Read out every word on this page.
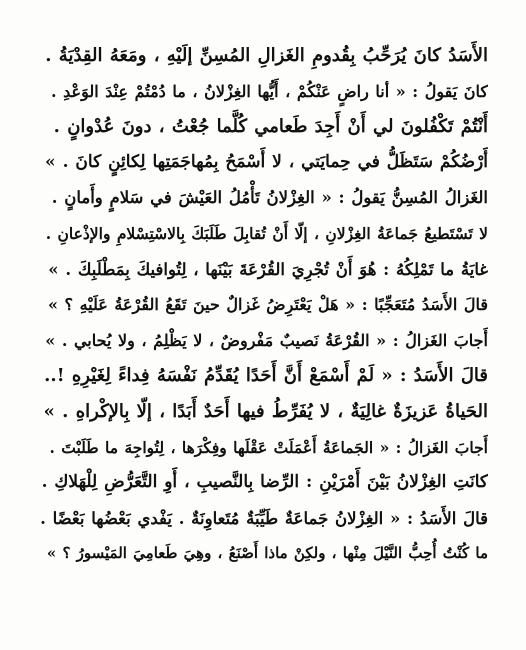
الأَسَدُ كانَ يُرَحِّبُ بِقُدومِ الغَزالِ المُسِنِّ إلَيْهِ ، ومَعَهُ القِدْيَةُ .
كانَ يَقولُ : « أنا راضٍ عَنْكُمْ ، أَيُّها الغِزْلانُ ، ما دُمْتُمْ عِنْدَ الوَعْدِ .
أَنْتُمْ تَكْفُلونَ لي أَنْ أَجِدَ طَعامي كُلَّما جُعْتُ ، دونَ عُدْوانٍ .
أَرْضُكُمْ سَتَظَلُّ في حِمايَتي ، لا أَسْمَحُ بِمُهاجَمَتِها لِكائِنٍ كانَ . »
الغَزالُ المُسِنُّ يَقولُ : « الغِزْلانُ تَأْمُلُ العَيْشَ في سَلامٍ وأَمانٍ .
لا تَسْتَطيعُ جَماعَةُ الغِزْلانِ ، إلّا أَنْ تُقابِلَ طَلَبَكَ بِالاسْتِسْلامِ والإذْعانِ .
غايَةُ ما تَمْلِكُهُ : هُوَ أَنْ تُجْرِيَ القُرْعَةَ بَيْنَها ، لِتُوافيكَ بِمَطْلَبِكَ . »
قالَ الأَسَدُ مُتَعَجِّبًا : « هَلْ يَعْتَرِضُ غَزالٌ حينَ تَقَعُ القُرْعَةُ عَلَيْهِ ؟ »
أَجابَ الغَزالُ : « القُرْعَةُ نَصيبٌ مَفْروضٌ ، لا يَظْلِمُ ، ولا يُحابي . »
قالَ الأَسَدُ : « لَمْ أَسْمَعْ أَنَّ أَحَدًا يُقَدِّمُ نَفْسَهُ فِداءً لِغَيْرِهِ !..
الحَياةُ عَزيزَةٌ غالِيَةٌ ، لا يُفَرِّطُ فيها أَحَدٌ أَبَدًا ، إلّا بِالإكْراهِ . »
أَجابَ الغَزالُ : « الجَماعَةُ أَعْمَلَتْ عَقْلَها وفِكْرَها ، لِتُواجِهَ ما طَلَبْتَ .
كانَتِ الغِزْلانُ بَيْنَ أَمْرَيْنِ : الرِّضا بِالنَّصيبِ ، أَوِ التَّعَرُّضِ لِلْهَلاكِ .
قالَ الأَسَدُ : « الغِزْلانُ جَماعَةٌ طَيِّبَةٌ مُتَعاوِنَةٌ . يَفْدي بَعْضُها بَعْضًا .
ما كُنْتُ أُحِبُّ النَّيْلَ مِنْها ، ولكِنْ ماذا أَصْنَعُ ، وهِيَ طَعامِيَ المَيْسورُ ؟ »
